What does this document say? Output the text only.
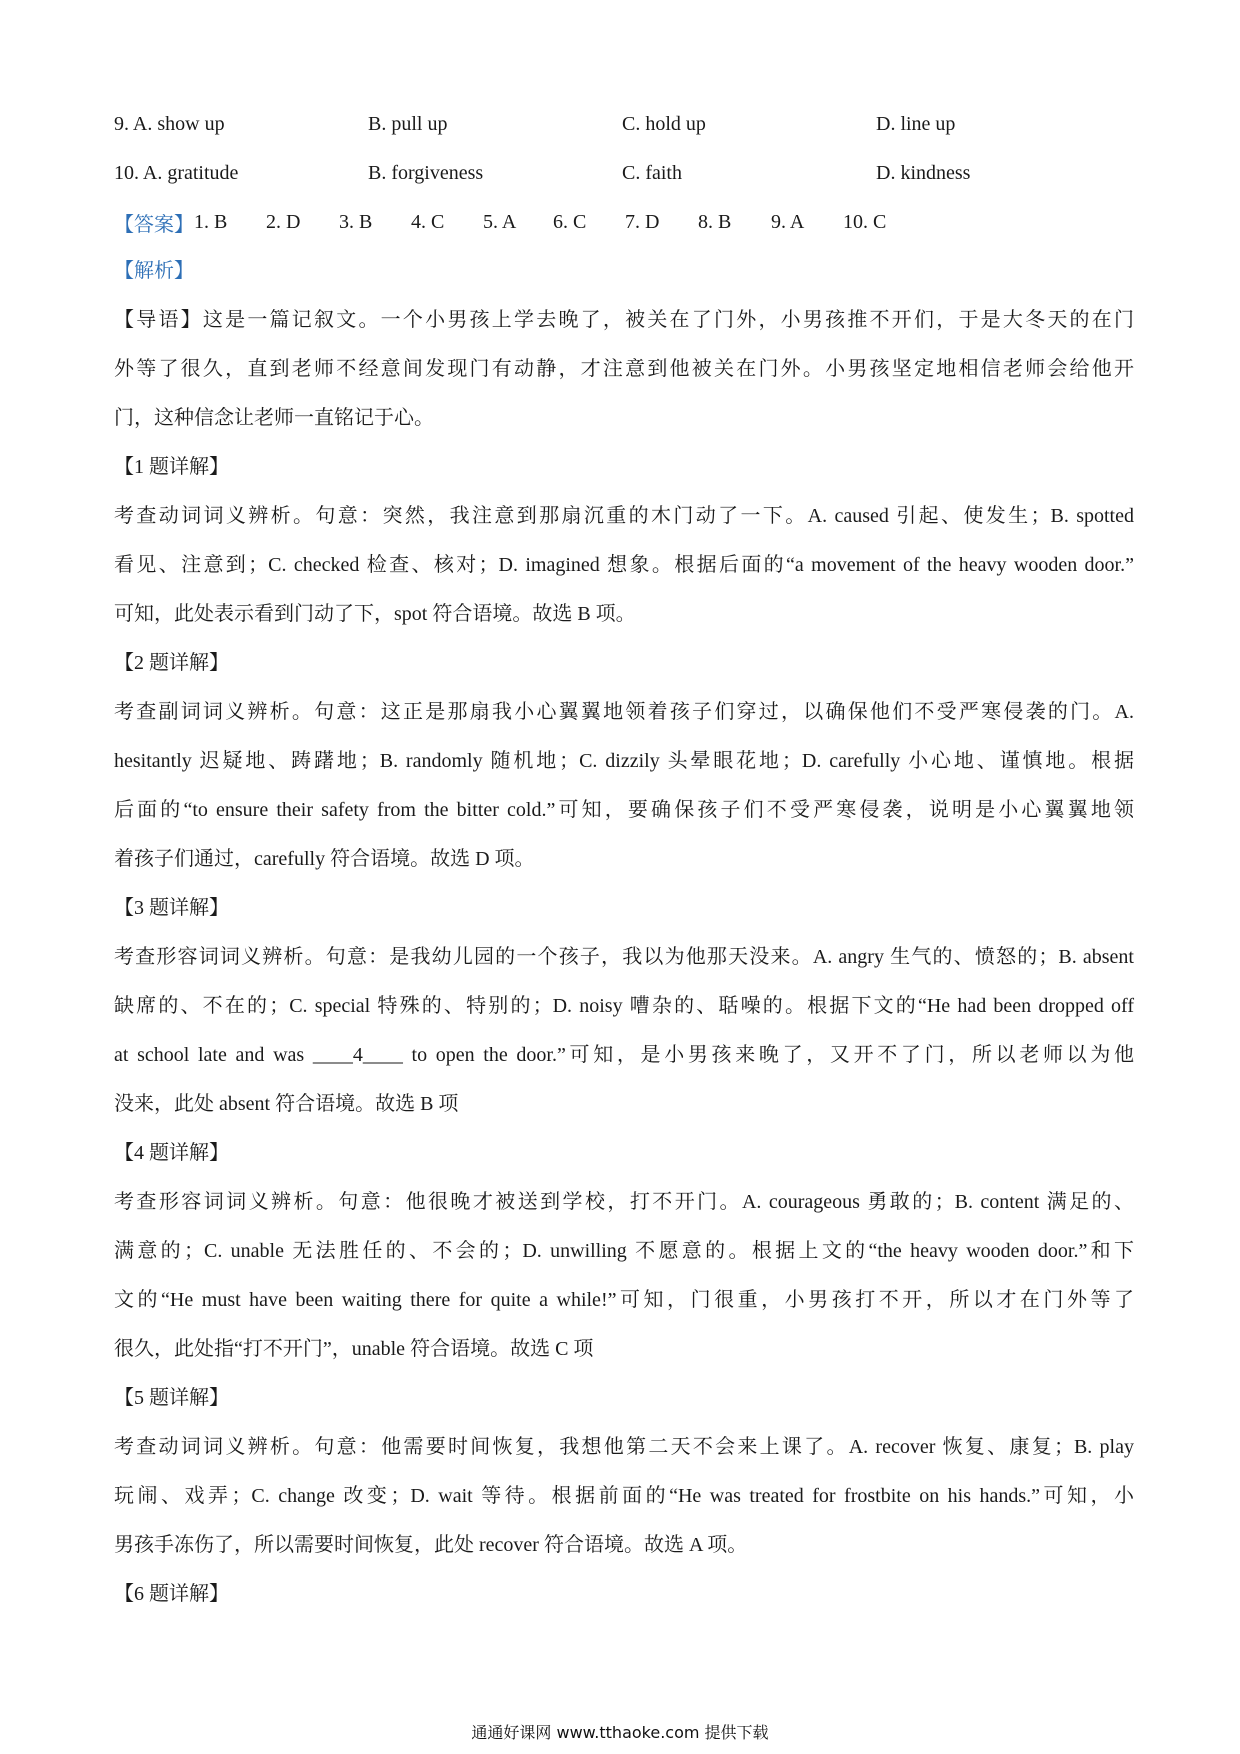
9. A. show up	B. pull up	C. hold up	D. line up
10. A. gratitude	B. forgiveness	C. faith	D. kindness
【答案】 1. B 2. D 3. B 4. C 5. A 6. C 7. D 8. B 9. A 10. C
【解析】
【导语】这是一篇记叙文。一个小男孩上学去晚了，被关在了门外，小男孩推不开们，于是大冬天的在门
外等了很久，直到老师不经意间发现门有动静，才注意到他被关在门外。小男孩坚定地相信老师会给他开
门，这种信念让老师一直铭记于心。
【1 题详解】
考查动词词义辨析。句意：突然，我注意到那扇沉重的木门动了一下。A. caused 引起、使发生；B. spotted
看见、注意到；C. checked 检查、核对；D. imagined 想象。根据后面的“a movement of the heavy wooden door.”
可知，此处表示看到门动了下，spot 符合语境。故选 B 项。
【2 题详解】
考查副词词义辨析。句意：这正是那扇我小心翼翼地领着孩子们穿过，以确保他们不受严寒侵袭的门。A.
hesitantly 迟疑地、踌躇地；B. randomly 随机地；C. dizzily 头晕眼花地；D. carefully 小心地、谨慎地。根据
后面的“to ensure their safety from the bitter cold.”可知，要确保孩子们不受严寒侵袭，说明是小心翼翼地领
着孩子们通过，carefully 符合语境。故选 D 项。
【3 题详解】
考查形容词词义辨析。句意：是我幼儿园的一个孩子，我以为他那天没来。A. angry 生气的、愤怒的；B. absent
缺席的、不在的；C. special 特殊的、特别的；D. noisy 嘈杂的、聒噪的。根据下文的“He had been dropped off
at school late and was ____4____ to open the door.”可知，是小男孩来晚了，又开不了门，所以老师以为他
没来，此处 absent 符合语境。故选 B 项
【4 题详解】
考查形容词词义辨析。句意：他很晚才被送到学校，打不开门。A. courageous 勇敢的；B. content 满足的、
满意的；C. unable 无法胜任的、不会的；D. unwilling 不愿意的。根据上文的“the heavy wooden door.”和下
文的“He must have been waiting there for quite a while!”可知，门很重，小男孩打不开，所以才在门外等了
很久，此处指“打不开门”，unable 符合语境。故选 C 项
【5 题详解】
考查动词词义辨析。句意：他需要时间恢复，我想他第二天不会来上课了。A. recover 恢复、康复；B. play
玩闹、戏弄；C. change 改变；D. wait 等待。根据前面的“He was treated for frostbite on his hands.”可知，小
男孩手冻伤了，所以需要时间恢复，此处 recover 符合语境。故选 A 项。
【6 题详解】
通通好课网 www.tthaoke.com 提供下载
